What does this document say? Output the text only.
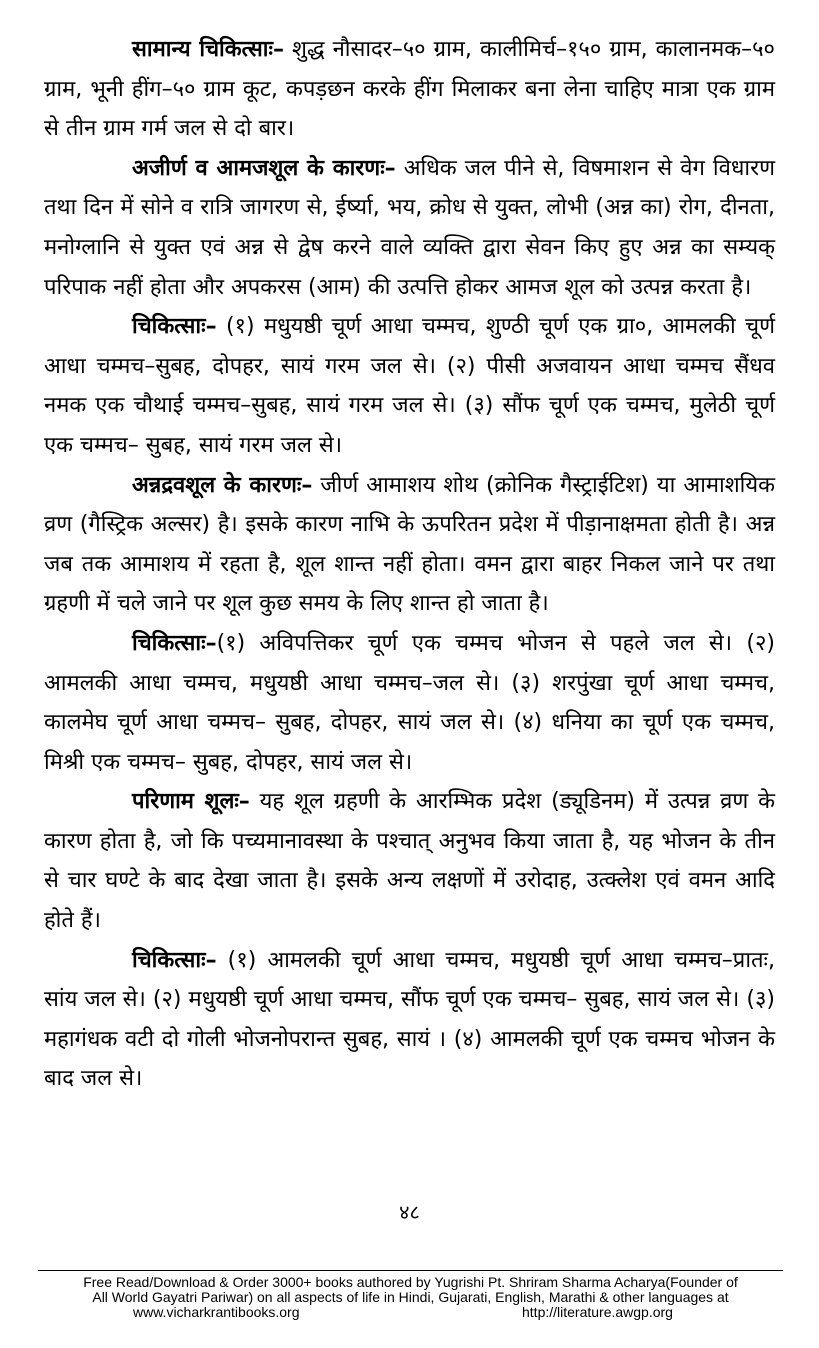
सामान्य चिकित्साः– शुद्ध नौसादर–५० ग्राम, कालीमिर्च–१५० ग्राम, कालानमक–५० ग्राम, भूनी हींग–५० ग्राम कूट, कपड़छन करके हींग मिलाकर बना लेना चाहिए मात्रा एक ग्राम से तीन ग्राम गर्म जल से दो बार।

अजीर्ण व आमजशूल के कारणः– अधिक जल पीने से, विषमाशन से वेग विधारण तथा दिन में सोने व रात्रि जागरण से, ईर्ष्या, भय, क्रोध से युक्त, लोभी (अन्न का) रोग, दीनता, मनोग्लानि से युक्त एवं अन्न से द्वेष करने वाले व्यक्ति द्वारा सेवन किए हुए अन्न का सम्यक् परिपाक नहीं होता और अपकरस (आम) की उत्पत्ति होकर आमज शूल को उत्पन्न करता है।

चिकित्साः– (१) मधुयष्ठी चूर्ण आधा चम्मच, शुण्ठी चूर्ण एक ग्रा०, आमलकी चूर्ण आधा चम्मच–सुबह, दोपहर, सायं गरम जल से। (२) पीसी अजवायन आधा चम्मच सैंधव नमक एक चौथाई चम्मच–सुबह, सायं गरम जल से। (३) सौंफ चूर्ण एक चम्मच, मुलेठी चूर्ण एक चम्मच– सुबह, सायं गरम जल से।

अन्नद्रवशूल के कारणः– जीर्ण आमाशय शोथ (क्रोनिक गैस्ट्राईटिश) या आमाशयिक व्रण (गैस्ट्रिक अल्सर) है। इसके कारण नाभि के ऊपरितन प्रदेश में पीड़ानाक्षमता होती है। अन्न जब तक आमाशय में रहता है, शूल शान्त नहीं होता। वमन द्वारा बाहर निकल जाने पर तथा ग्रहणी में चले जाने पर शूल कुछ समय के लिए शान्त हो जाता है।

चिकित्साः–(१) अविपत्तिकर चूर्ण एक चम्मच भोजन से पहले जल से। (२) आमलकी आधा चम्मच, मधुयष्ठी आधा चम्मच–जल से। (३) शरपुंखा चूर्ण आधा चम्मच, कालमेघ चूर्ण आधा चम्मच– सुबह, दोपहर, सायं जल से। (४) धनिया का चूर्ण एक चम्मच, मिश्री एक चम्मच– सुबह, दोपहर, सायं जल से।

परिणाम शूलः– यह शूल ग्रहणी के आरम्भिक प्रदेश (ड्यूडिनम) में उत्पन्न व्रण के कारण होता है, जो कि पच्यमानावस्था के पश्चात् अनुभव किया जाता है, यह भोजन के तीन से चार घण्टे के बाद देखा जाता है। इसके अन्य लक्षणों में उरोदाह, उत्क्लेश एवं वमन आदि होते हैं।

चिकित्साः– (१) आमलकी चूर्ण आधा चम्मच, मधुयष्ठी चूर्ण आधा चम्मच–प्रातः, सांय जल से। (२) मधुयष्ठी चूर्ण आधा चम्मच, सौंफ चूर्ण एक चम्मच– सुबह, सायं जल से। (३) महागंधक वटी दो गोली भोजनोपरान्त सुबह, सायं । (४) आमलकी चूर्ण एक चम्मच भोजन के बाद जल से।

४८
Free Read/Download & Order 3000+ books authored by Yugrishi Pt. Shriram Sharma Acharya(Founder of
All World Gayatri Pariwar) on all aspects of life in Hindi, Gujarati, English, Marathi & other languages at
www.vicharkrantibooks.org	http://literature.awgp.org
